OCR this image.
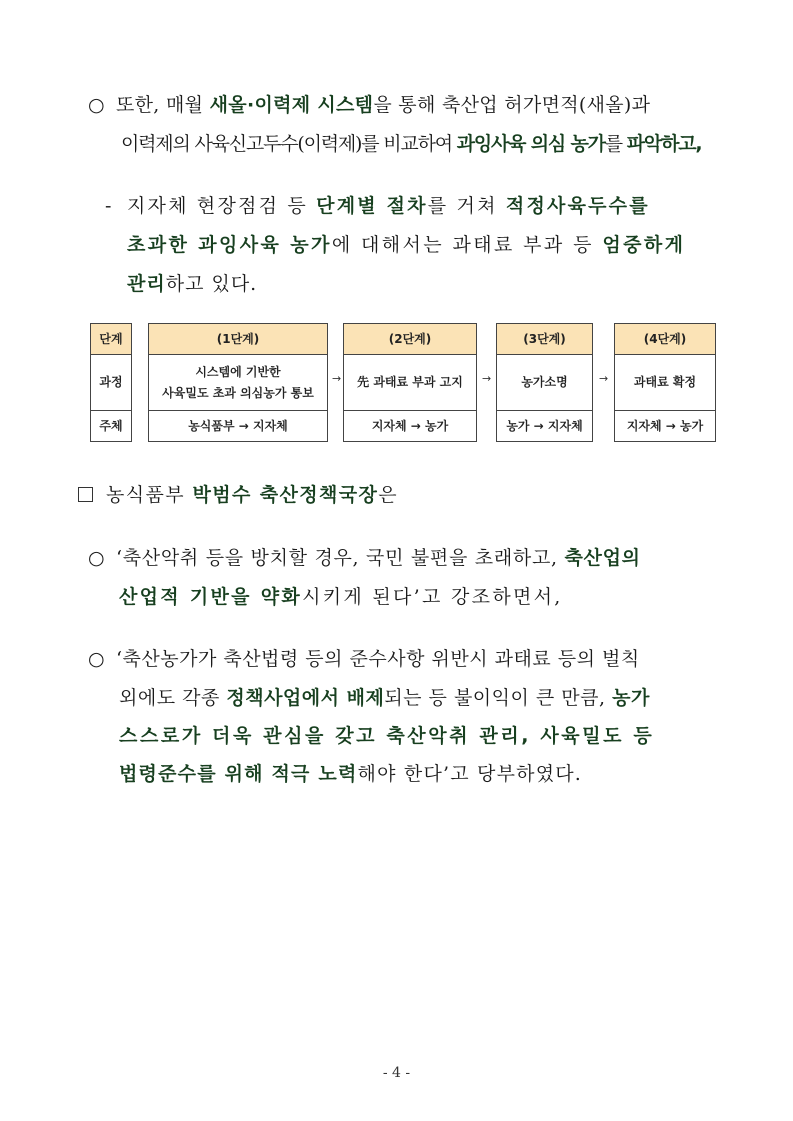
○ 또한, 매월 새올·이력제 시스템을 통해 축산업 허가면적(새올)과
이력제의 사육신고두수(이력제)를 비교하여 과잉사육 의심 농가를 파악하고,
- 지자체 현장점검 등 단계별 절차를 거쳐 적정사육두수를
초과한 과잉사육 농가에 대해서는 과태료 부과 등 엄중하게
관리하고 있다.
단계
과정
주체
(1단계)
시스템에 기반한
사육밀도 초과 의심농가 통보
농식품부 → 지자체
→
(2단계)
先 과태료 부과 고지
지자체 → 농가
→
(3단계)
농가소명
농가 → 지자체
→
(4단계)
과태료 확정
지자체 → 농가
농식품부 박범수 축산정책국장은
○ ‘축산악취 등을 방치할 경우, 국민 불편을 초래하고, 축산업의
산업적 기반을 약화시키게 된다’고 강조하면서,
○ ‘축산농가가 축산법령 등의 준수사항 위반시 과태료 등의 벌칙
외에도 각종 정책사업에서 배제되는 등 불이익이 큰 만큼, 농가
스스로가 더욱 관심을 갖고 축산악취 관리, 사육밀도 등
법령준수를 위해 적극 노력해야 한다’고 당부하였다.
- 4 -
